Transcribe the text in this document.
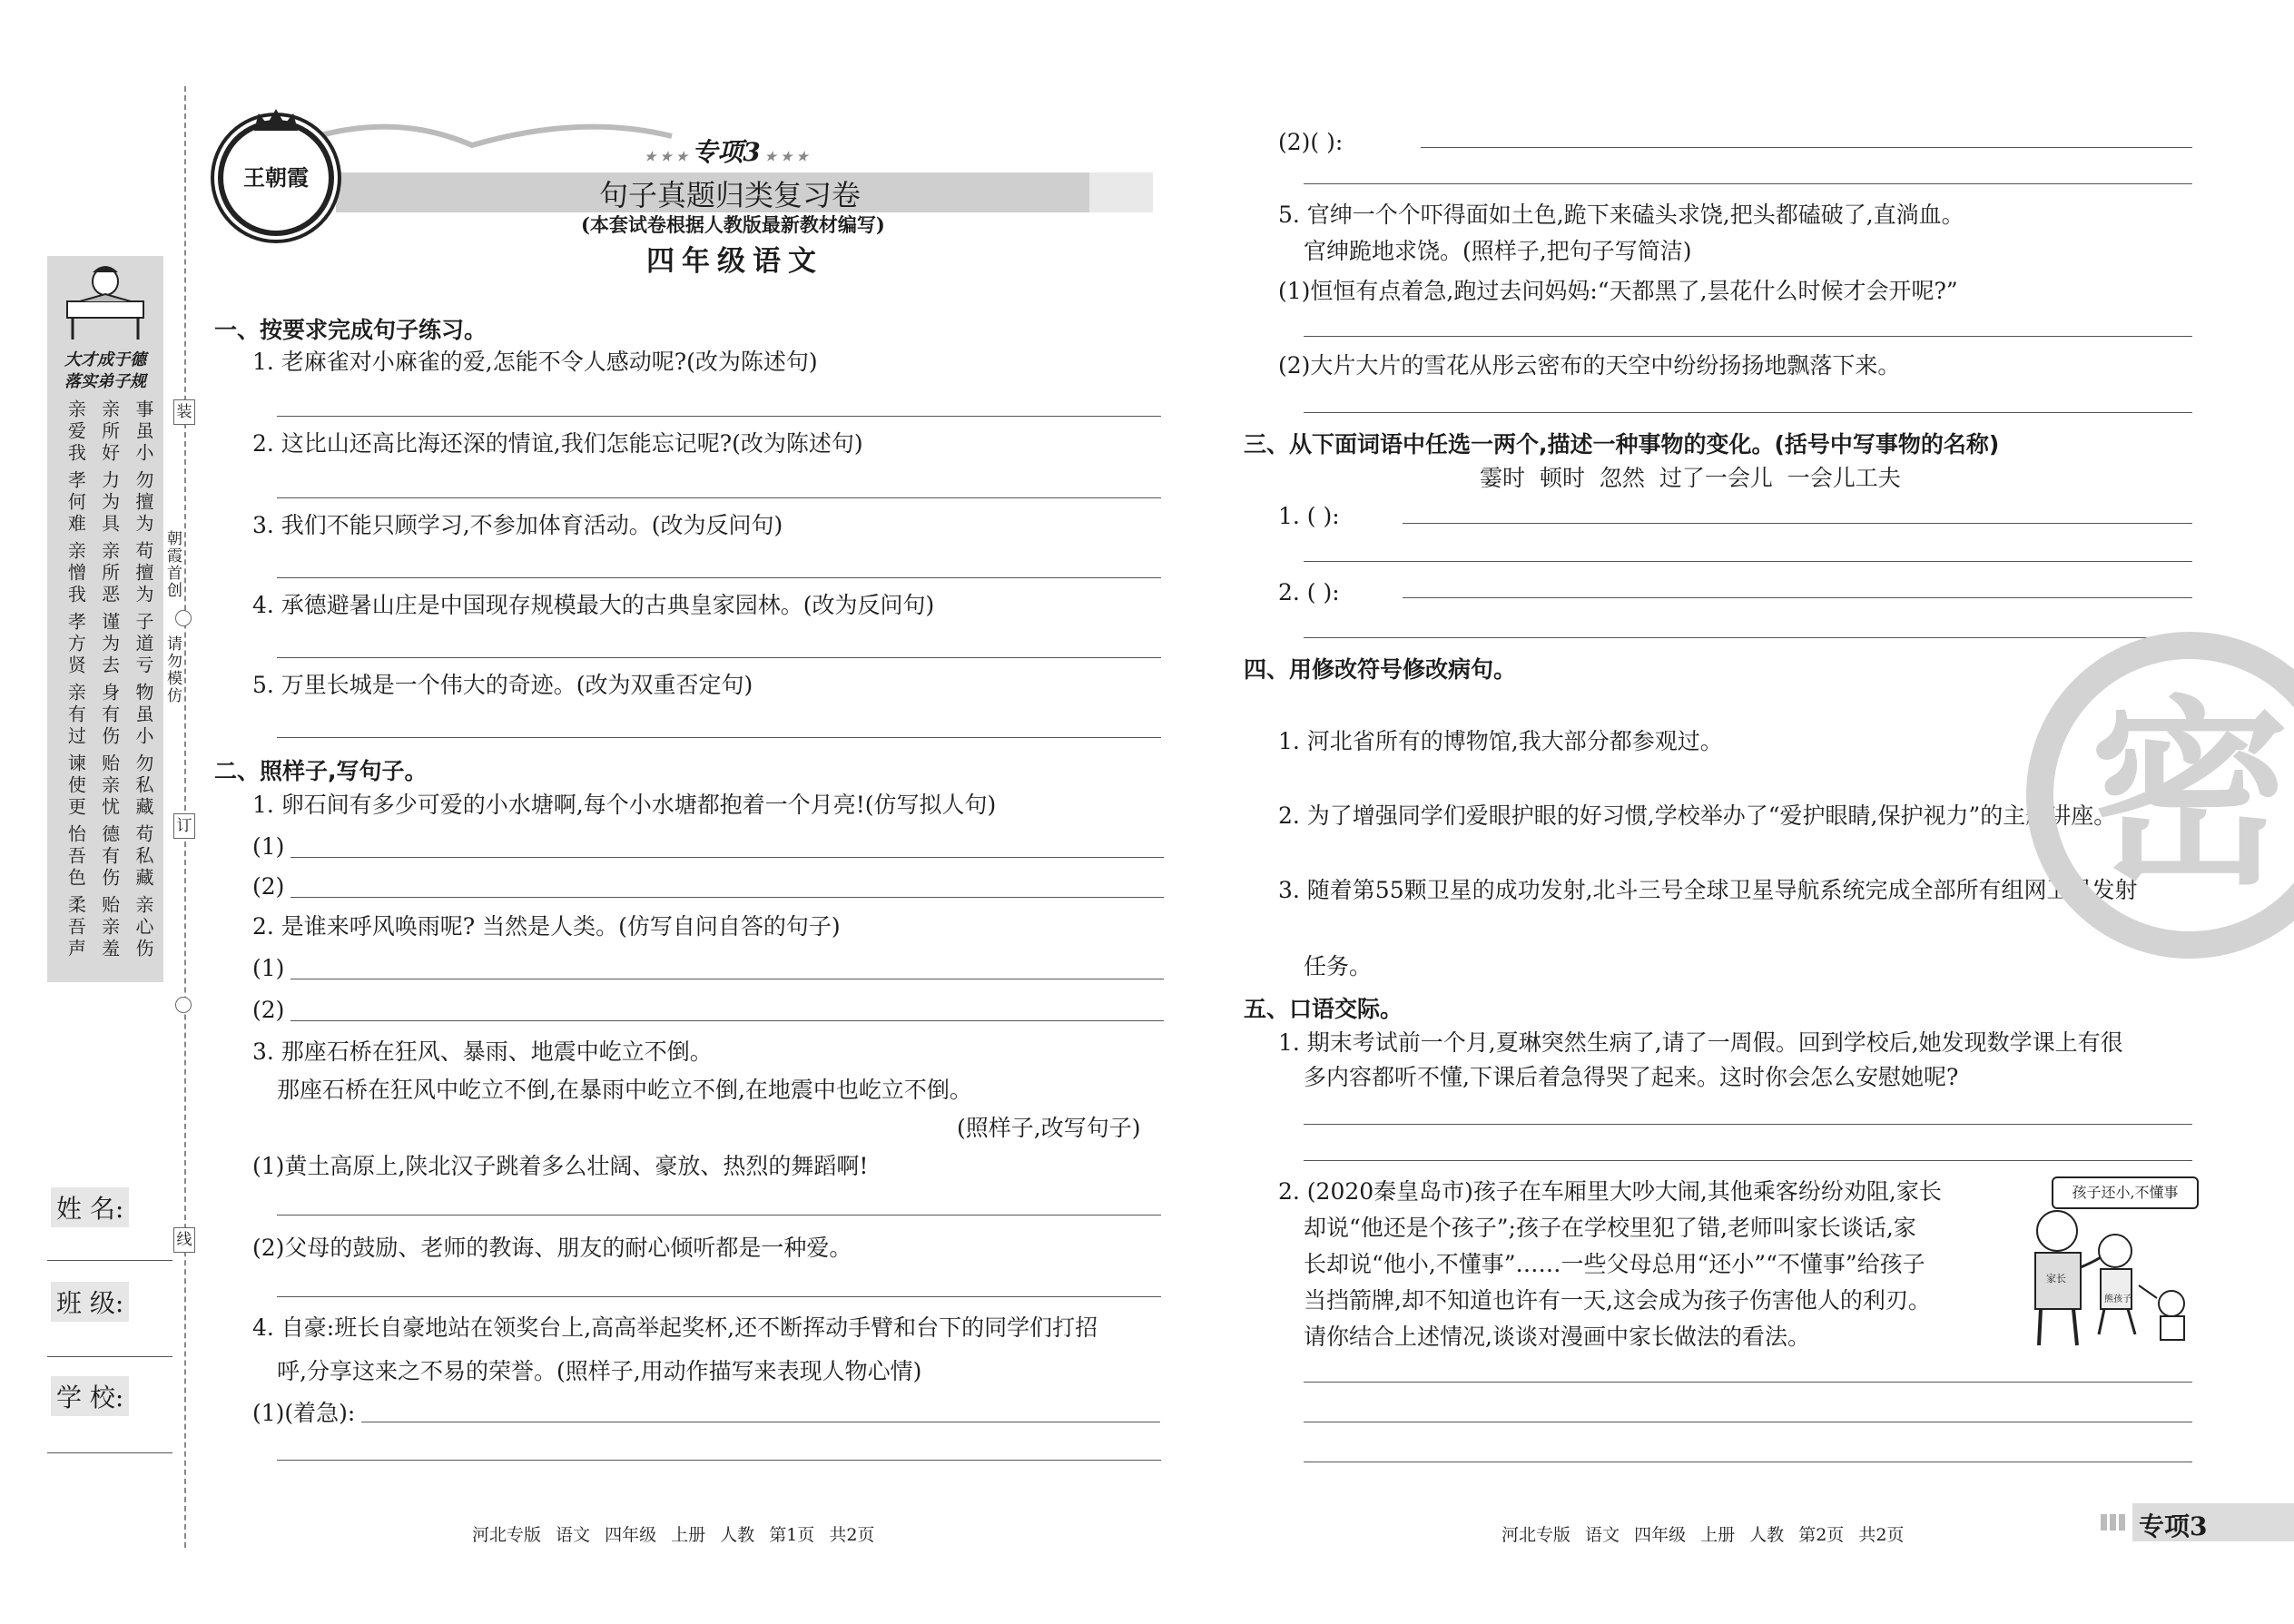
大才成于德
落实弟子规
亲爱我 亲所好 事虽小
孝何难 力为具 勿擅为
亲憎我 亲所恶 苟擅为
孝方贤 谨为去 子道亏
亲有过 身有伤 物虽小
谏使更 贻亲忧 勿私藏
怡吾色 德有伤 苟私藏
柔吾声 贻亲羞 亲心伤
装
订
线
朝霞首创
请勿模仿
姓 名:
班 级:
学 校:
王朝霞
★ ★ ★ 专项3 ★ ★ ★
句子真题归类复习卷
(本套试卷根据人教版最新教材编写)
四年级语文
一、按要求完成句子练习。
1. 老麻雀对小麻雀的爱,怎能不令人感动呢?(改为陈述句)
2. 这比山还高比海还深的情谊,我们怎能忘记呢?(改为陈述句)
3. 我们不能只顾学习,不参加体育活动。(改为反问句)
4. 承德避暑山庄是中国现存规模最大的古典皇家园林。(改为反问句)
5. 万里长城是一个伟大的奇迹。(改为双重否定句)
二、照样子,写句子。
1. 卵石间有多少可爱的小水塘啊,每个小水塘都抱着一个月亮!(仿写拟人句)
(1)
(2)
2. 是谁来呼风唤雨呢? 当然是人类。(仿写自问自答的句子)
(1)
(2)
3. 那座石桥在狂风、暴雨、地震中屹立不倒。
那座石桥在狂风中屹立不倒,在暴雨中屹立不倒,在地震中也屹立不倒。
(照样子,改写句子)
(1)黄土高原上,陕北汉子跳着多么壮阔、豪放、热烈的舞蹈啊!
(2)父母的鼓励、老师的教诲、朋友的耐心倾听都是一种爱。
4. 自豪:班长自豪地站在领奖台上,高高举起奖杯,还不断挥动手臂和台下的同学们打招
呼,分享这来之不易的荣誉。(照样子,用动作描写来表现人物心情)
(1)(着急):
河北专版 语文 四年级 上册 人教 第1页 共2页
(2)( ):
5. 官绅一个个吓得面如土色,跪下来磕头求饶,把头都磕破了,直淌血。
官绅跪地求饶。(照样子,把句子写简洁)
(1)恒恒有点着急,跑过去问妈妈:“天都黑了,昙花什么时候才会开呢?”
(2)大片大片的雪花从彤云密布的天空中纷纷扬扬地飘落下来。
三、从下面词语中任选一两个,描述一种事物的变化。(括号中写事物的名称)
霎时 顿时 忽然 过了一会儿 一会儿工夫
1. ( ):
2. ( ):
四、用修改符号修改病句。
1. 河北省所有的博物馆,我大部分都参观过。
2. 为了增强同学们爱眼护眼的好习惯,学校举办了“爱护眼睛,保护视力”的主题讲座。
3. 随着第55颗卫星的成功发射,北斗三号全球卫星导航系统完成全部所有组网卫星发射
任务。
五、口语交际。
1. 期末考试前一个月,夏琳突然生病了,请了一周假。回到学校后,她发现数学课上有很
多内容都听不懂,下课后着急得哭了起来。这时你会怎么安慰她呢?
2. (2020秦皇岛市)孩子在车厢里大吵大闹,其他乘客纷纷劝阻,家长
却说“他还是个孩子”;孩子在学校里犯了错,老师叫家长谈话,家
长却说“他小,不懂事”……一些父母总用“还小”“不懂事”给孩子
当挡箭牌,却不知道也许有一天,这会成为孩子伤害他人的利刃。
请你结合上述情况,谈谈对漫画中家长做法的看法。
孩子还小,不懂事
家长
熊孩子
密
河北专版 语文 四年级 上册 人教 第2页 共2页	专项3
